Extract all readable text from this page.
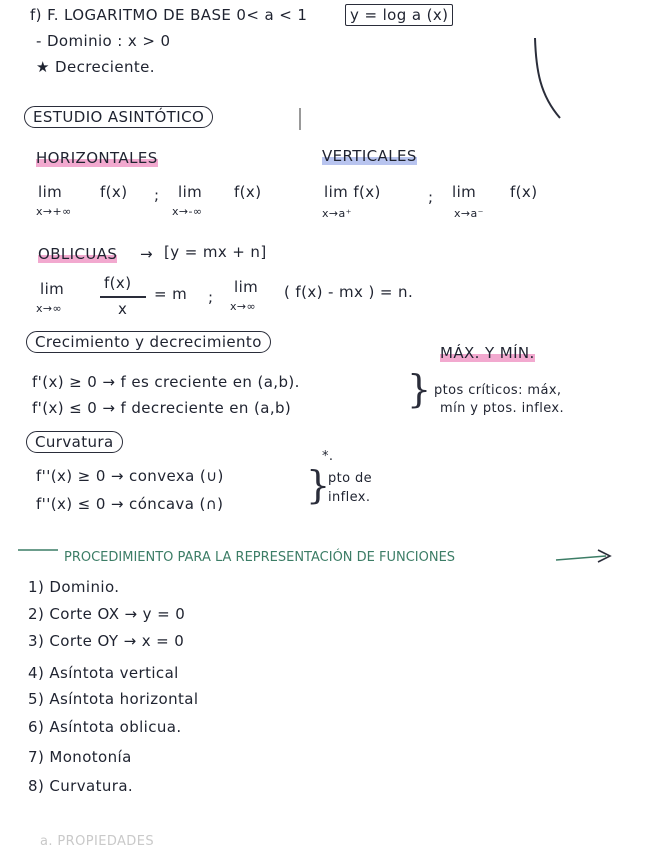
f) F. LOGARITMO DE BASE 0< a < 1	y = log a (x)
- Dominio : x > 0
★ Decreciente.
ESTUDIO ASINTÓTICO
HORIZONTALES
lim	f(x)
x→+∞
; lim f(x)
x→-∞
VERTICALES
lim f(x)
x→a⁺
; lim f(x)
x→a⁻
OBLICUAS → [y = mx + n]
lim
x→∞
f(x)
x
= m ;
lim
x→∞
( f(x) - mx ) = n.
Crecimiento y decrecimiento
MÁX. Y MÍN.
f'(x) ≥ 0 → f es creciente en (a,b).
f'(x) ≤ 0 → f decreciente en (a,b)	} ptos críticos: máx,
mín y ptos. inflex.
Curvatura
*.
f''(x) ≥ 0 → convexa (∪)
f''(x) ≤ 0 → cóncava (∩) }
pto de
inflex.
PROCEDIMIENTO PARA LA REPRESENTACIÓN DE FUNCIONES
1) Dominio.
2) Corte OX → y = 0
3) Corte OY → x = 0
4) Asíntota vertical
5) Asíntota horizontal
6) Asíntota oblicua.
7) Monotonía
8) Curvatura.
a. PROPIEDADES
